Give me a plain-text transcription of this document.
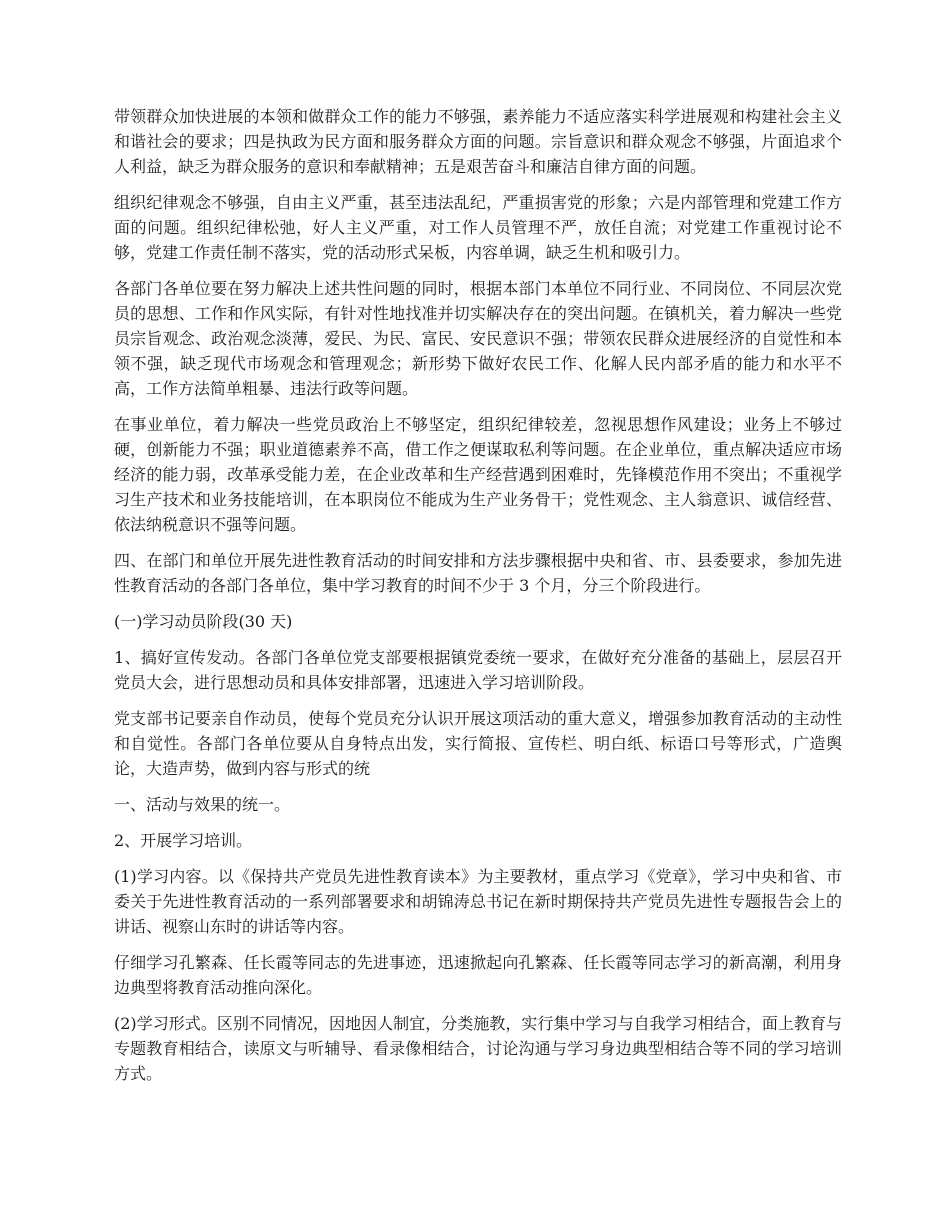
带领群众加快进展的本领和做群众工作的能力不够强，素养能力不适应落实科学进展观和构建社会主义和谐社会的要求；四是执政为民方面和服务群众方面的问题。宗旨意识和群众观念不够强，片面追求个人利益，缺乏为群众服务的意识和奉献精神；五是艰苦奋斗和廉洁自律方面的问题。

组织纪律观念不够强，自由主义严重，甚至违法乱纪，严重损害党的形象；六是内部管理和党建工作方面的问题。组织纪律松弛，好人主义严重，对工作人员管理不严，放任自流；对党建工作重视讨论不够，党建工作责任制不落实，党的活动形式呆板，内容单调，缺乏生机和吸引力。

各部门各单位要在努力解决上述共性问题的同时，根据本部门本单位不同行业、不同岗位、不同层次党员的思想、工作和作风实际，有针对性地找准并切实解决存在的突出问题。在镇机关，着力解决一些党员宗旨观念、政治观念淡薄，爱民、为民、富民、安民意识不强；带领农民群众进展经济的自觉性和本领不强，缺乏现代市场观念和管理观念；新形势下做好农民工作、化解人民内部矛盾的能力和水平不高，工作方法简单粗暴、违法行政等问题。

在事业单位，着力解决一些党员政治上不够坚定，组织纪律较差，忽视思想作风建设；业务上不够过硬，创新能力不强；职业道德素养不高，借工作之便谋取私利等问题。在企业单位，重点解决适应市场经济的能力弱，改革承受能力差，在企业改革和生产经营遇到困难时，先锋模范作用不突出；不重视学习生产技术和业务技能培训，在本职岗位不能成为生产业务骨干；党性观念、主人翁意识、诚信经营、依法纳税意识不强等问题。

四、在部门和单位开展先进性教育活动的时间安排和方法步骤根据中央和省、市、县委要求，参加先进性教育活动的各部门各单位，集中学习教育的时间不少于 3 个月，分三个阶段进行。

(一)学习动员阶段(30 天)

1、搞好宣传发动。各部门各单位党支部要根据镇党委统一要求，在做好充分准备的基础上，层层召开党员大会，进行思想动员和具体安排部署，迅速进入学习培训阶段。

党支部书记要亲自作动员，使每个党员充分认识开展这项活动的重大意义，增强参加教育活动的主动性和自觉性。各部门各单位要从自身特点出发，实行简报、宣传栏、明白纸、标语口号等形式，广造舆论，大造声势，做到内容与形式的统

一、活动与效果的统一。

2、开展学习培训。

(1)学习内容。以《保持共产党员先进性教育读本》为主要教材，重点学习《党章》，学习中央和省、市委关于先进性教育活动的一系列部署要求和胡锦涛总书记在新时期保持共产党员先进性专题报告会上的讲话、视察山东时的讲话等内容。

仔细学习孔繁森、任长霞等同志的先进事迹，迅速掀起向孔繁森、任长霞等同志学习的新高潮，利用身边典型将教育活动推向深化。

(2)学习形式。区别不同情况，因地因人制宜，分类施教，实行集中学习与自我学习相结合，面上教育与专题教育相结合，读原文与听辅导、看录像相结合，讨论沟通与学习身边典型相结合等不同的学习培训方式。
